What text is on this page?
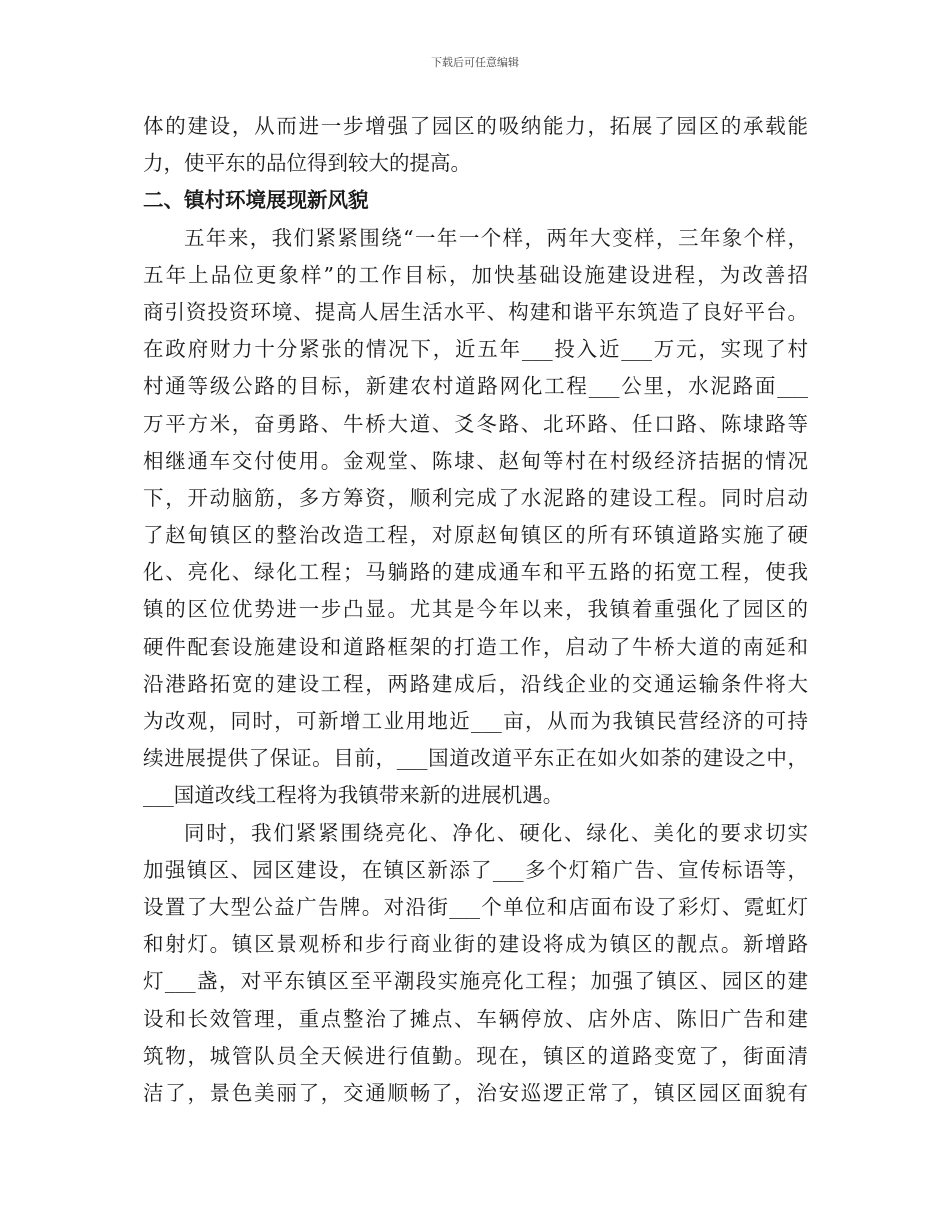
下载后可任意编辑
体的建设，从而进一步增强了园区的吸纳能力，拓展了园区的承载能
力，使平东的品位得到较大的提高。
二、镇村环境展现新风貌
五年来，我们紧紧围绕“一年一个样，两年大变样，三年象个样，
五年上品位更象样”的工作目标，加快基础设施建设进程，为改善招
商引资投资环境、提高人居生活水平、构建和谐平东筑造了良好平台。
在政府财力十分紧张的情况下，近五年___投入近___万元，实现了村
村通等级公路的目标，新建农村道路网化工程___公里，水泥路面___
万平方米，奋勇路、牛桥大道、爻冬路、北环路、任口路、陈埭路等
相继通车交付使用。金观堂、陈埭、赵甸等村在村级经济拮据的情况
下，开动脑筋，多方筹资，顺利完成了水泥路的建设工程。同时启动
了赵甸镇区的整治改造工程，对原赵甸镇区的所有环镇道路实施了硬
化、亮化、绿化工程；马躺路的建成通车和平五路的拓宽工程，使我
镇的区位优势进一步凸显。尤其是今年以来，我镇着重强化了园区的
硬件配套设施建设和道路框架的打造工作，启动了牛桥大道的南延和
沿港路拓宽的建设工程，两路建成后，沿线企业的交通运输条件将大
为改观，同时，可新增工业用地近___亩，从而为我镇民营经济的可持
续进展提供了保证。目前，___国道改道平东正在如火如荼的建设之中，
___国道改线工程将为我镇带来新的进展机遇。
同时，我们紧紧围绕亮化、净化、硬化、绿化、美化的要求切实
加强镇区、园区建设，在镇区新添了___多个灯箱广告、宣传标语等，
设置了大型公益广告牌。对沿街___个单位和店面布设了彩灯、霓虹灯
和射灯。镇区景观桥和步行商业街的建设将成为镇区的靓点。新增路
灯___盏，对平东镇区至平潮段实施亮化工程；加强了镇区、园区的建
设和长效管理，重点整治了摊点、车辆停放、店外店、陈旧广告和建
筑物，城管队员全天候进行值勤。现在，镇区的道路变宽了，街面清
洁了，景色美丽了，交通顺畅了，治安巡逻正常了，镇区园区面貌有
